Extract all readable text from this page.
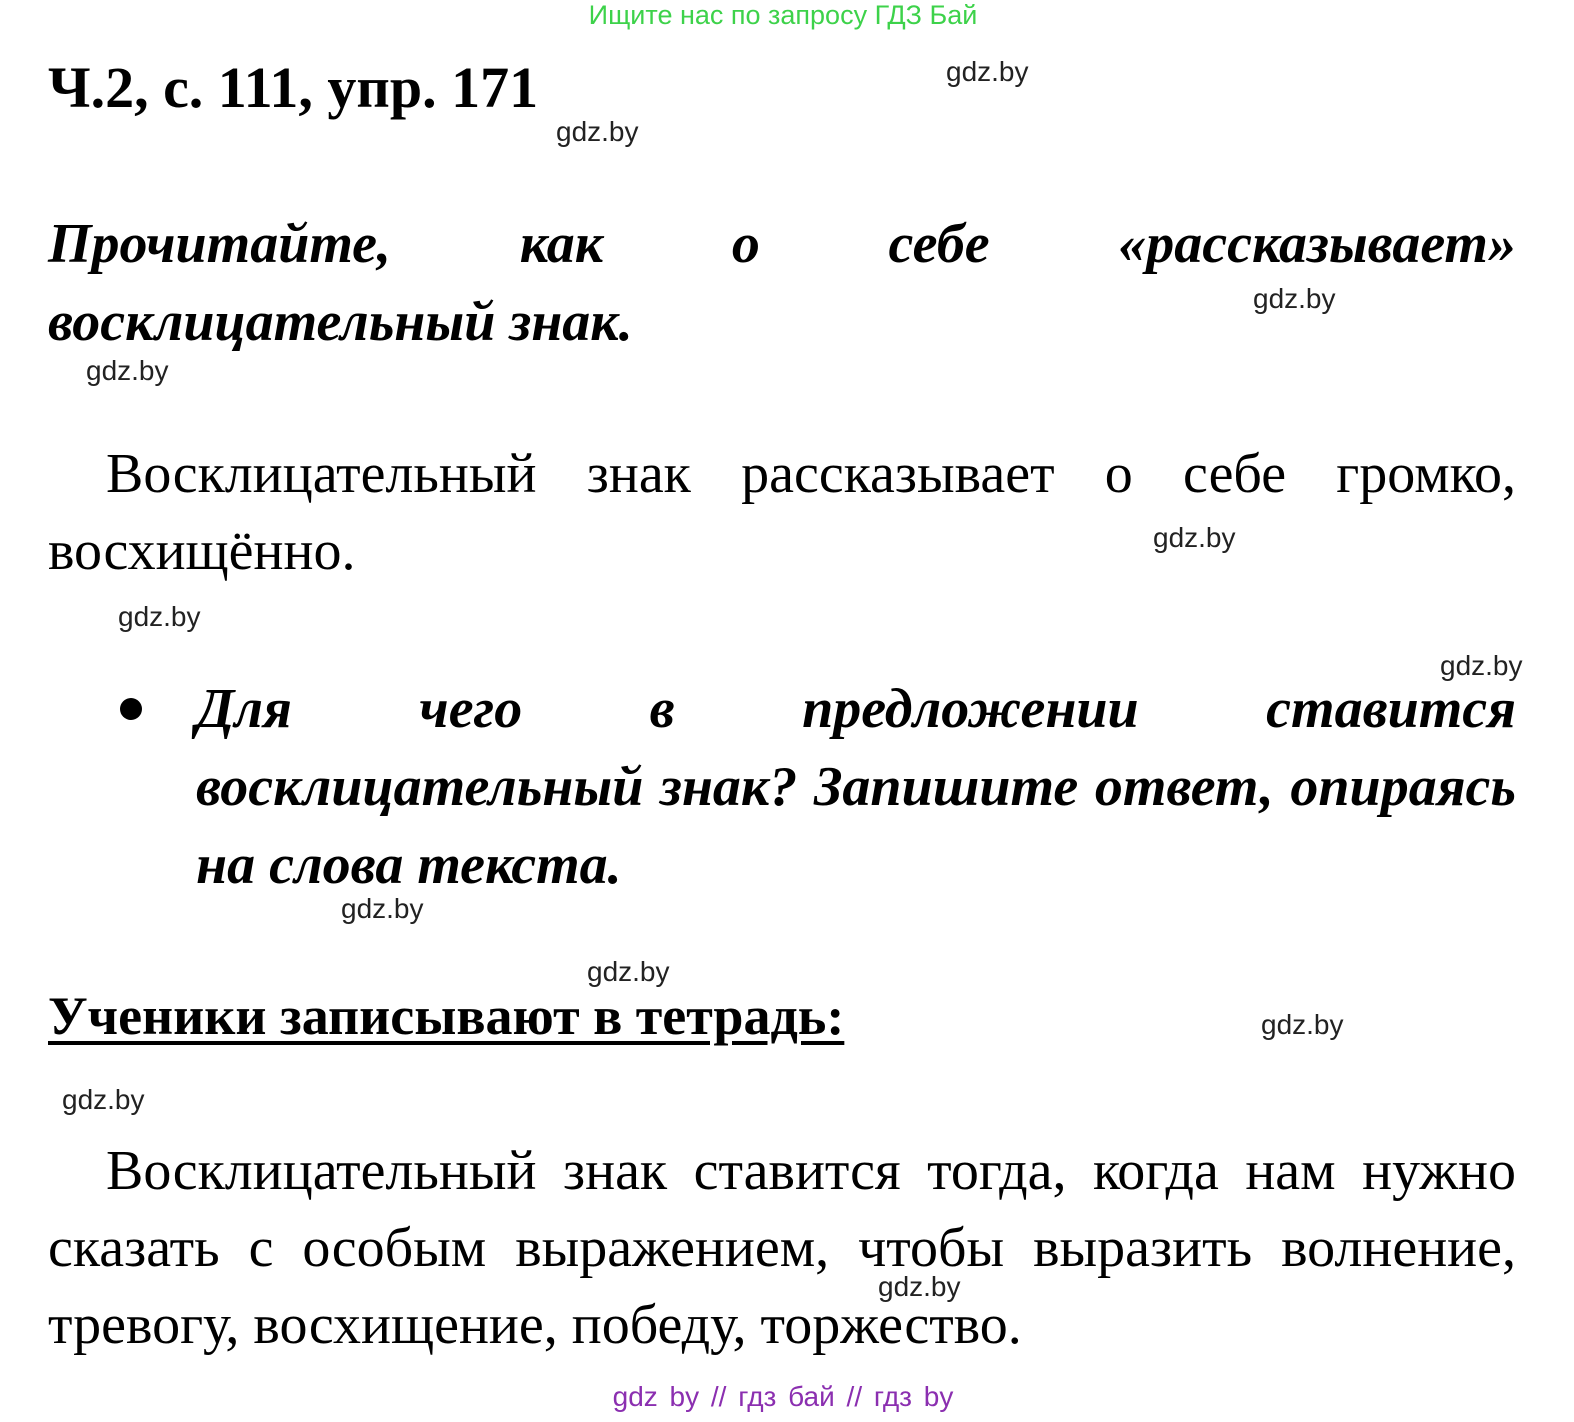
Ищите нас по запросу ГДЗ Бай
Ч.2, с. 111, упр. 171

Прочитайте, как о себе «рассказывает» восклицательный знак.

Восклицательный знак рассказывает о себе громко, восхищённо.

Для чего в предложении ставится восклицательный знак? Запишите ответ, опираясь на слова текста.

Ученики записывают в тетрадь:

Восклицательный знак ставится тогда, когда нам нужно сказать с особым выражением, чтобы выразить волнение, тревогу, восхищение, победу, торжество.

gdz.by
gdz.by
gdz.by
gdz.by
gdz.by
gdz.by
gdz.by
gdz.by
gdz.by
gdz.by
gdz.by
gdz.by
gdz by // гдз бай // гдз by
